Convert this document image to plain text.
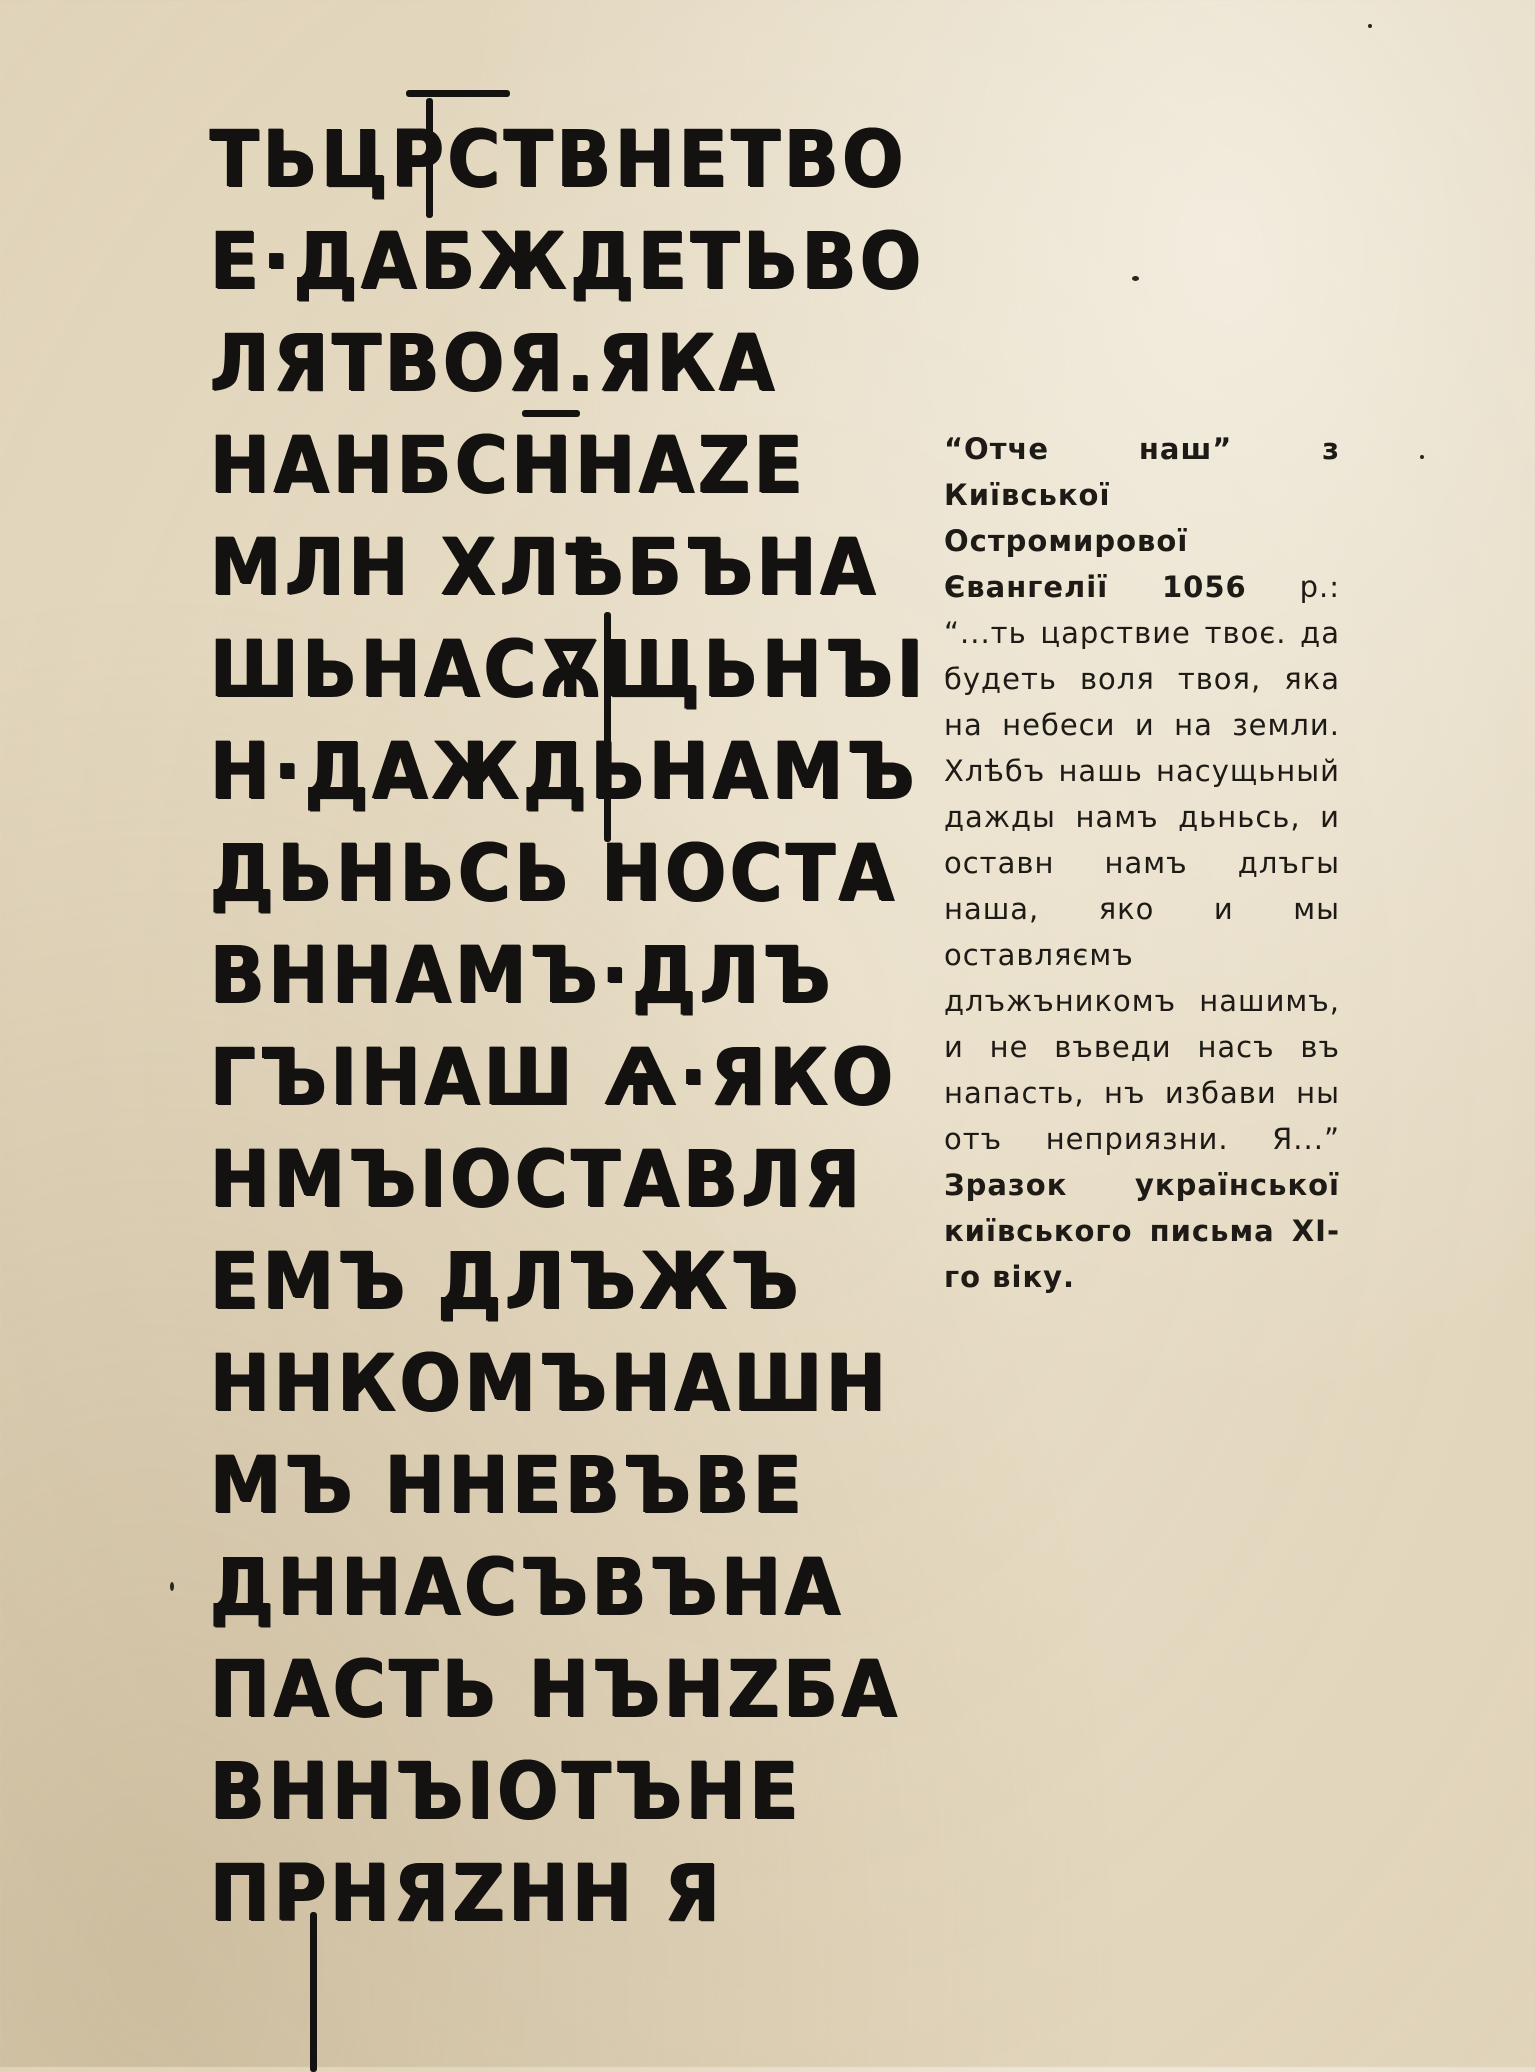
ТЬЦРСТВНЕТВО

Е·ДАБЖДЕТЬВО

ЛЯТВОЯ.ЯКА

НАНБСННАZЕ

МЛН ХЛѢБЪНА

ШЬНАСѪЩЬНЪІ

Н·ДАЖДЬНАМЪ

ДЬНЬСЬ НОСТА

ВННАМЪ·ДЛЪ

ГЪІНАШ Ѧ·ЯКО

НМЪІОСТАВЛЯ

ЕМЪ ДЛЪЖЪ

ННКОМЪНАШН

МЪ ННЕВЪВЕ

ДННАСЪВЪНА

ПАСТЬ НЪНZБА

ВННЪІОТЪНЕ

ПРНЯZНН Я

“Отче наш” з Київської Остромирової Євангелії 1056 р.: “...ть царствие твоє. да будеть воля твоя, яка на небеси и на земли. Хлѣбъ нашь насущьный дажды намъ дьньсь, и оставн намъ длъгы наша, яко и мы оставляємъ длъжъникомъ нашимъ, и не въведи насъ въ напасть, нъ избави ны отъ неприязни. Я...” Зразок української київського письма XI-го віку.
